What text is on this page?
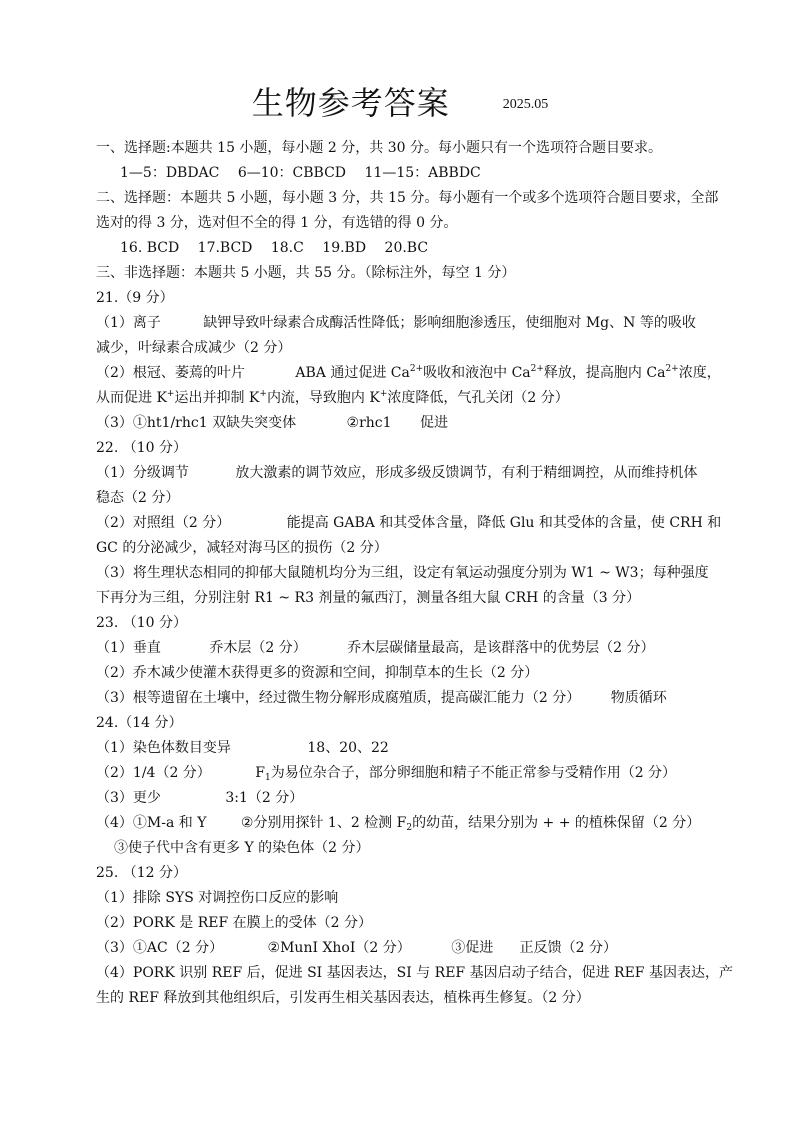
生物参考答案	2025.05
一、选择题:本题共 15 小题，每小题 2 分，共 30 分。每小题只有一个选项符合题目要求。
1—5：DBDAC 6—10：CBBCD 11—15：ABBDC
二、选择题：本题共 5 小题，每小题 3 分，共 15 分。每小题有一个或多个选项符合题目要求，全部
选对的得 3 分，选对但不全的得 1 分，有选错的得 0 分。
16. BCD 17.BCD 18.C 19.BD 20.BC
三、非选择题：本题共 5 小题，共 55 分。（除标注外，每空 1 分）
21.（9 分）
（1）离子	缺钾导致叶绿素合成酶活性降低；影响细胞渗透压，使细胞对 Mg、N 等的吸收
减少，叶绿素合成减少（2 分）
（2）根冠、萎蔫的叶片	ABA 通过促进 $Ca^{2+}$吸收和液泡中 $Ca^{2+}$释放，提高胞内 $Ca^{2+}$浓度，
从而促进 K+运出并抑制 K+内流，导致胞内 K+浓度降低，气孔关闭（2 分）
（3）①ht1/rhc1 双缺失突变体	②rhc1 促进
22. （10 分）
（1）分级调节	放大激素的调节效应，形成多级反馈调节，有利于精细调控，从而维持机体
稳态（2 分）
（2）对照组（2 分）	能提高 GABA 和其受体含量，降低 Glu 和其受体的含量，使 CRH 和
GC 的分泌减少，减轻对海马区的损伤（2 分）
（3）将生理状态相同的抑郁大鼠随机均分为三组，设定有氧运动强度分别为 W1 ~ W3；每种强度
下再分为三组，分别注射 R1 ~ R3 剂量的氟西汀，测量各组大鼠 CRH 的含量（3 分）
23. （10 分）
（1）垂直	乔木层（2 分）	乔木层碳储量最高，是该群落中的优势层（2 分）
（2）乔木减少使灌木获得更多的资源和空间，抑制草本的生长（2 分）
（3）根等遗留在土壤中，经过微生物分解形成腐殖质，提高碳汇能力（2 分） 物质循环
24.（14 分）
（1）染色体数目变异	18、20、22
（2）1/4（2 分）	$F_1$为易位杂合子，部分卵细胞和精子不能正常参与受精作用（2 分）
（3）更少	3:1（2 分）
（4）①M-a 和 Y ②分别用探针 1、2 检测 $F_2$的幼苗，结果分别为 + + 的植株保留（2 分）
③使子代中含有更多 Y 的染色体（2 分）
25. （12 分）
（1）排除 SYS 对调控伤口反应的影响
（2）PORK 是 REF 在膜上的受体（2 分）
（3）①AC（2 分）	②MunI XhoI（2 分）	③促进 正反馈（2 分）
（4）PORK 识别 REF 后，促进 SI 基因表达，SI 与 REF 基因启动子结合，促进 REF 基因表达，产
生的 REF 释放到其他组织后，引发再生相关基因表达，植株再生修复。（2 分）
